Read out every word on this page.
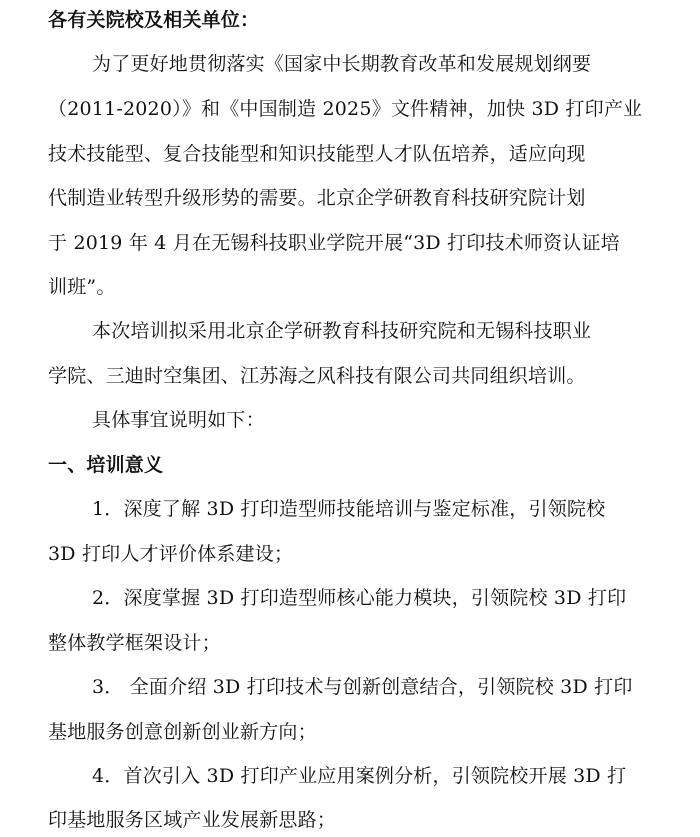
各有关院校及相关单位：
为了更好地贯彻落实《国家中长期教育改革和发展规划纲要
（2011-2020）》和《中国制造 2025》文件精神，加快 3D 打印产业
技术技能型、复合技能型和知识技能型人才队伍培养，适应向现
代制造业转型升级形势的需要。北京企学研教育科技研究院计划
于 2019 年 4 月在无锡科技职业学院开展“3D 打印技术师资认证培
训班”。
本次培训拟采用北京企学研教育科技研究院和无锡科技职业
学院、三迪时空集团、江苏海之风科技有限公司共同组织培训。
具体事宜说明如下：
一、培训意义
1．深度了解 3D 打印造型师技能培训与鉴定标准，引领院校
3D 打印人才评价体系建设；
2．深度掌握 3D 打印造型师核心能力模块，引领院校 3D 打印
整体教学框架设计；
3． 全面介绍 3D 打印技术与创新创意结合，引领院校 3D 打印
基地服务创意创新创业新方向；
4．首次引入 3D 打印产业应用案例分析，引领院校开展 3D 打
印基地服务区域产业发展新思路；
